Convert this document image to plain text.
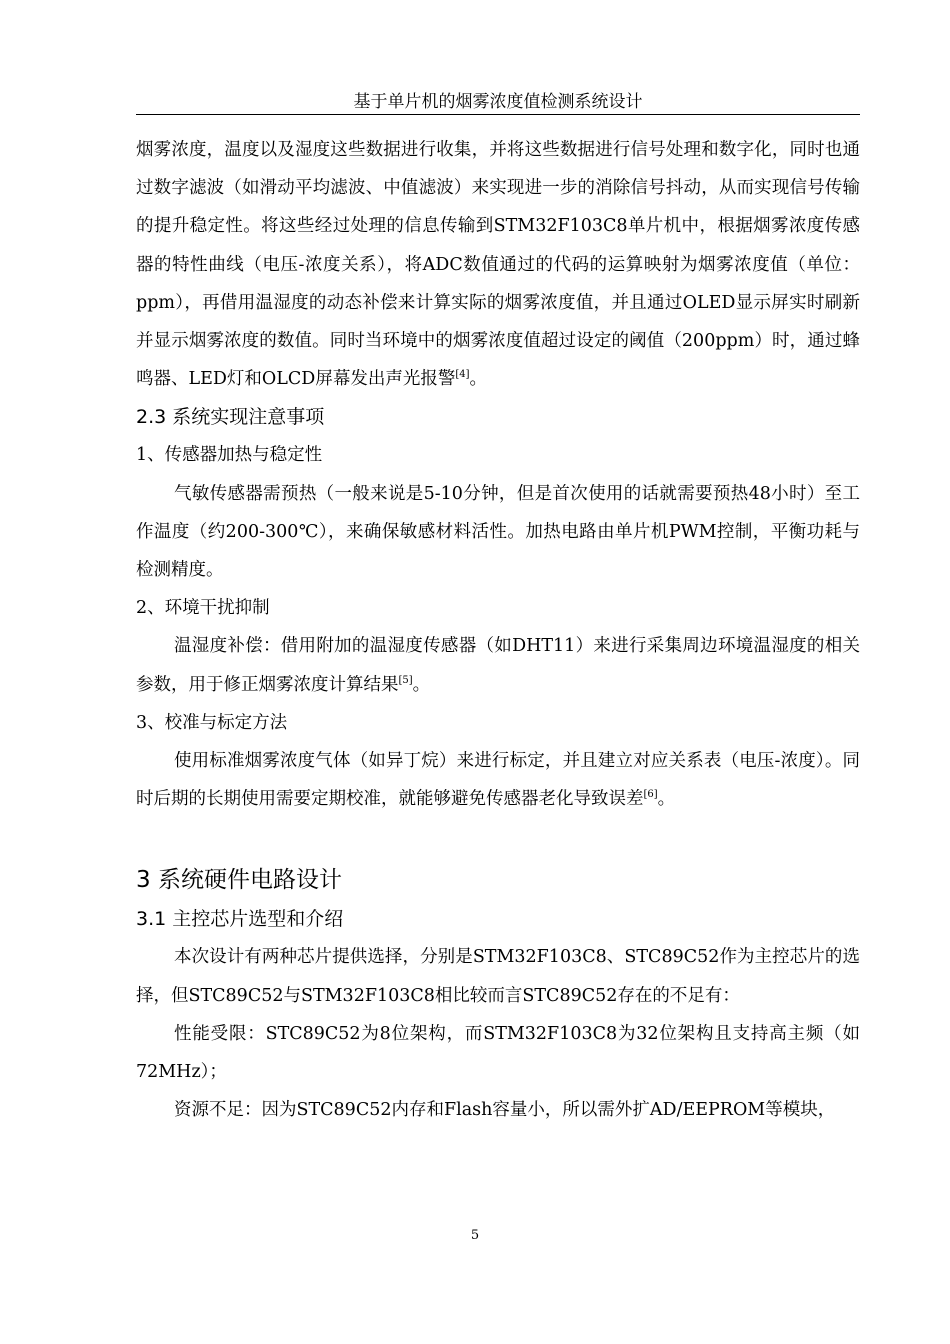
基于单片机的烟雾浓度值检测系统设计

烟雾浓度，温度以及湿度这些数据进行收集，并将这些数据进行信号处理和数字化，同时也通过数字滤波（如滑动平均滤波、中值滤波）来实现进一步的消除信号抖动，从而实现信号传输的提升稳定性。将这些经过处理的信息传输到STM32F103C8单片机中，根据烟雾浓度传感器的特性曲线（电压-浓度关系），将ADC数值通过的代码的运算映射为烟雾浓度值（单位：ppm），再借用温湿度的动态补偿来计算实际的烟雾浓度值，并且通过OLED显示屏实时刷新并显示烟雾浓度的数值。同时当环境中的烟雾浓度值超过设定的阈值（200ppm）时，通过蜂鸣器、LED灯和OLCD屏幕发出声光报警[4]。

2.3 系统实现注意事项

1、传感器加热与稳定性

气敏传感器需预热（一般来说是5-10分钟，但是首次使用的话就需要预热48小时）至工作温度（约200-300℃），来确保敏感材料活性。加热电路由单片机PWM控制，平衡功耗与检测精度。

2、环境干扰抑制

温湿度补偿：借用附加的温湿度传感器（如DHT11）来进行采集周边环境温湿度的相关参数，用于修正烟雾浓度计算结果[5]。

3、校准与标定方法

使用标准烟雾浓度气体（如异丁烷）来进行标定，并且建立对应关系表（电压-浓度）。同时后期的长期使用需要定期校准，就能够避免传感器老化导致误差[6]。

3 系统硬件电路设计
3.1 主控芯片选型和介绍

本次设计有两种芯片提供选择，分别是STM32F103C8、STC89C52作为主控芯片的选择，但STC89C52与STM32F103C8相比较而言STC89C52存在的不足有：

性能受限：STC89C52为8位架构，而STM32F103C8为32位架构且支持高主频（如72MHz）；

资源不足：因为STC89C52内存和Flash容量小，所以需外扩AD/EEPROM等模块，

5
